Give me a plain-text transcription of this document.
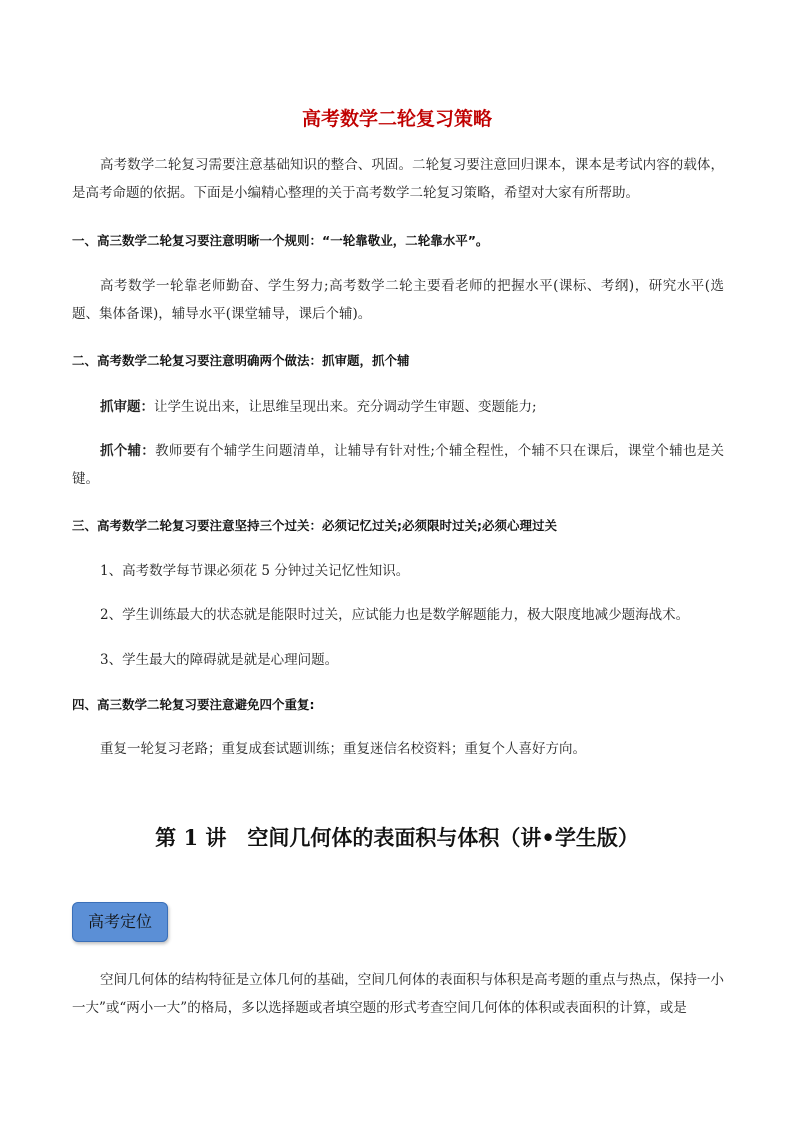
高考数学二轮复习策略
高考数学二轮复习需要注意基础知识的整合、巩固。二轮复习要注意回归课本，课本是考试内容的载体，是高考命题的依据。下面是小编精心整理的关于高考数学二轮复习策略，希望对大家有所帮助。
一、高三数学二轮复习要注意明晰一个规则：“一轮靠敬业，二轮靠水平”。
高考数学一轮靠老师勤奋、学生努力;高考数学二轮主要看老师的把握水平(课标、考纲)，研究水平(选题、集体备课)，辅导水平(课堂辅导，课后个辅)。
二、高考数学二轮复习要注意明确两个做法：抓审题，抓个辅
抓审题：让学生说出来，让思维呈现出来。充分调动学生审题、变题能力;
抓个辅：教师要有个辅学生问题清单，让辅导有针对性;个辅全程性，个辅不只在课后，课堂个辅也是关键。
三、高考数学二轮复习要注意坚持三个过关：必须记忆过关;必须限时过关;必须心理过关
1、高考数学每节课必须花 5 分钟过关记忆性知识。
2、学生训练最大的状态就是能限时过关，应试能力也是数学解题能力，极大限度地减少题海战术。
3、学生最大的障碍就是就是心理问题。
四、高三数学二轮复习要注意避免四个重复:
重复一轮复习老路；重复成套试题训练；重复迷信名校资料；重复个人喜好方向。
第 1 讲　空间几何体的表面积与体积（讲•学生版）
高考定位
空间几何体的结构特征是立体几何的基础，空间几何体的表面积与体积是高考题的重点与热点，保持一小一大”或“两小一大”的格局，多以选择题或者填空题的形式考查空间几何体的体积或表面积的计算，或是
